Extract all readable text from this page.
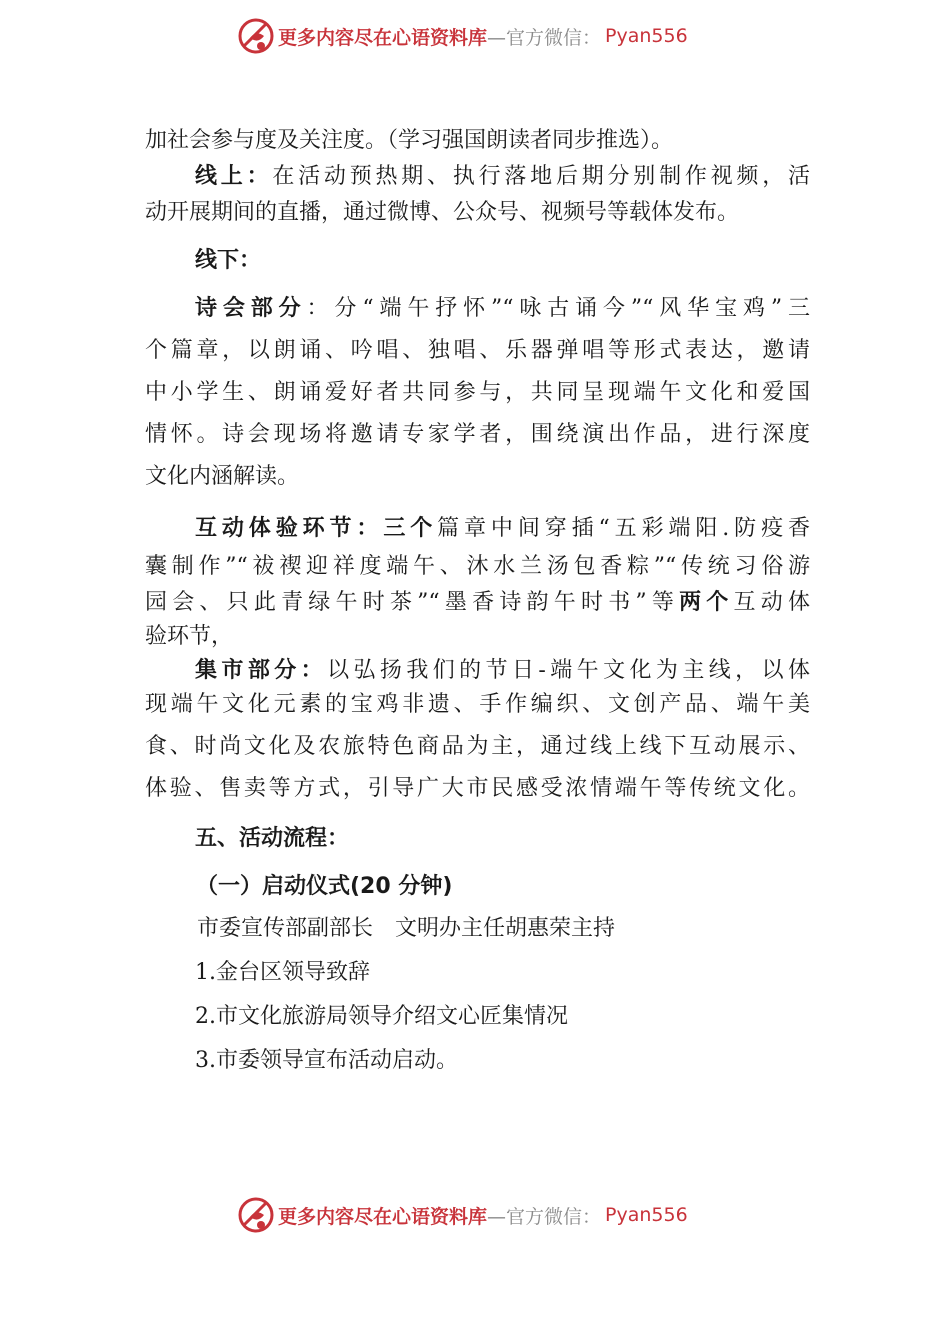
更多内容尽在心语资料库 —官方微信： Pyan556
加社会参与度及关注度。（学习强国朗读者同步推选）。
线上：在活动预热期、执行落地后期分别制作视频，活
动开展期间的直播，通过微博、公众号、视频号等载体发布。
线下：
诗会部分：分“端午抒怀”“咏古诵今”“风华宝鸡”三
个篇章，以朗诵、吟唱、独唱、乐器弹唱等形式表达，邀请
中小学生、朗诵爱好者共同参与，共同呈现端午文化和爱国
情怀。诗会现场将邀请专家学者，围绕演出作品，进行深度
文化内涵解读。
互动体验环节：三个篇章中间穿插“五彩端阳.防疫香
囊制作”“祓禊迎祥度端午、沐水兰汤包香粽”“传统习俗游
园会、只此青绿午时茶”“墨香诗韵午时书”等两个互动体
验环节，
集市部分：以弘扬我们的节日-端午文化为主线，以体
现端午文化元素的宝鸡非遗、手作编织、文创产品、端午美
食、时尚文化及农旅特色商品为主，通过线上线下互动展示、
体验、售卖等方式，引导广大市民感受浓情端午等传统文化。
五、活动流程：
（一）启动仪式(20 分钟)
市委宣传部副部长　文明办主任胡惠荣主持
1.金台区领导致辞
2.市文化旅游局领导介绍文心匠集情况
3.市委领导宣布活动启动。
更多内容尽在心语资料库 —官方微信： Pyan556
